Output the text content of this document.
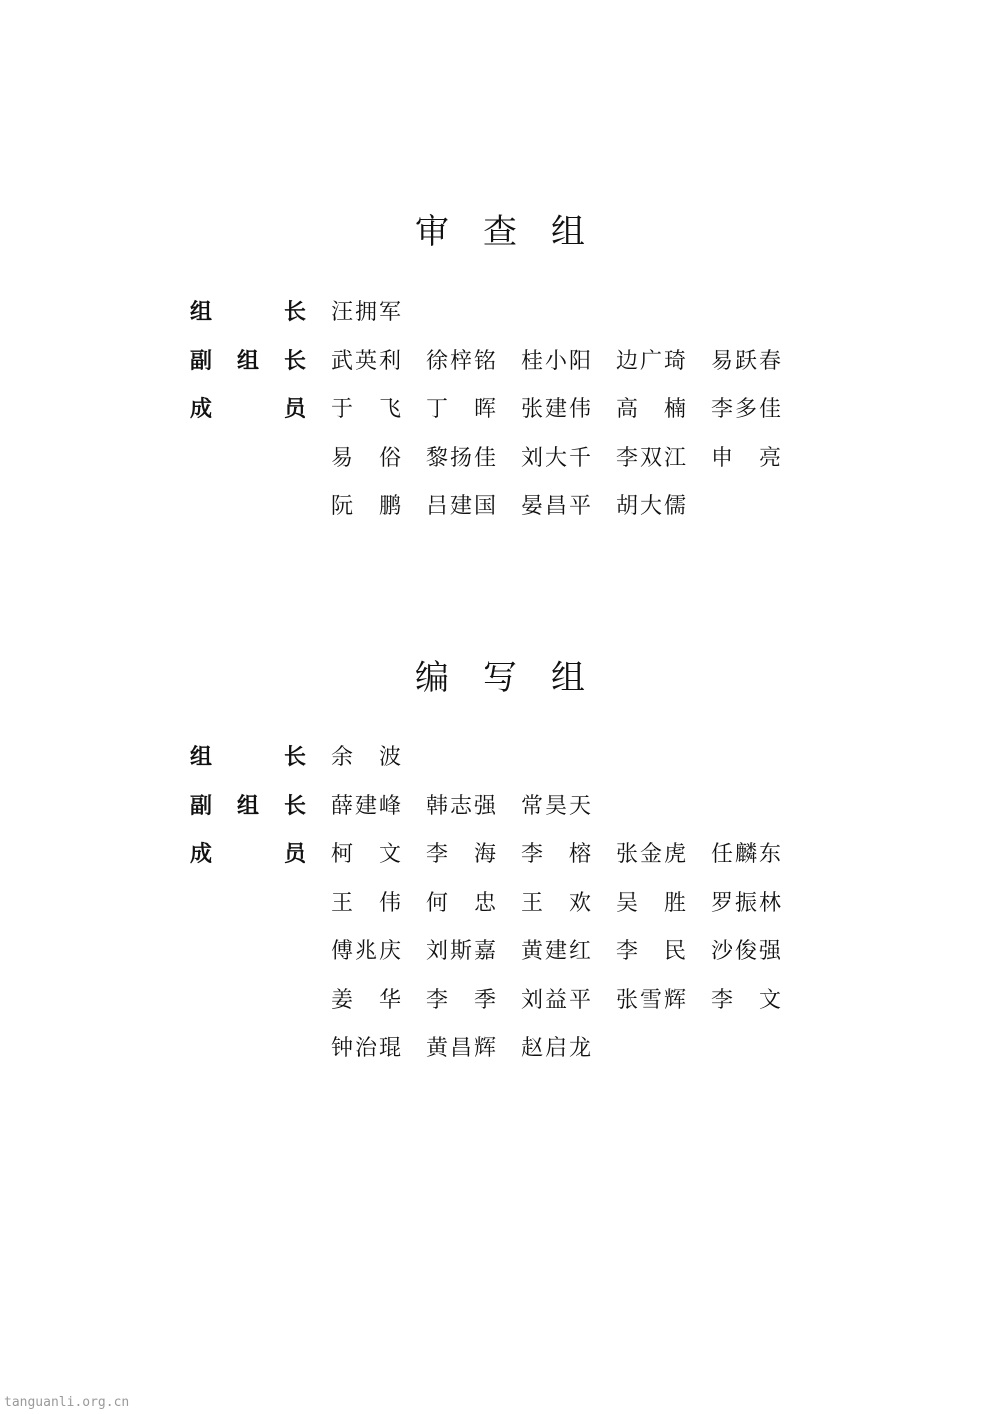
审　查　组
组	长 汪拥军
副 组 长 武英利 徐梓铭 桂小阳 边广琦 易跃春
成	员 于　飞 丁　晖 张建伟 高　楠 李多佳
易　俗 黎扬佳 刘大千 李双江 申　亮
阮　鹏 吕建国 晏昌平 胡大儒
编　写　组
组	长 余　波
副 组 长 薛建峰 韩志强 常昊天
成	员 柯　文 李　海 李　榕 张金虎 任麟东
王　伟 何　忠 王　欢 吴　胜 罗振林
傅兆庆 刘斯嘉 黄建红 李　民 沙俊强
姜　华 李　季 刘益平 张雪辉 李　文
钟治琨 黄昌辉 赵启龙
tanguanli.org.cn
